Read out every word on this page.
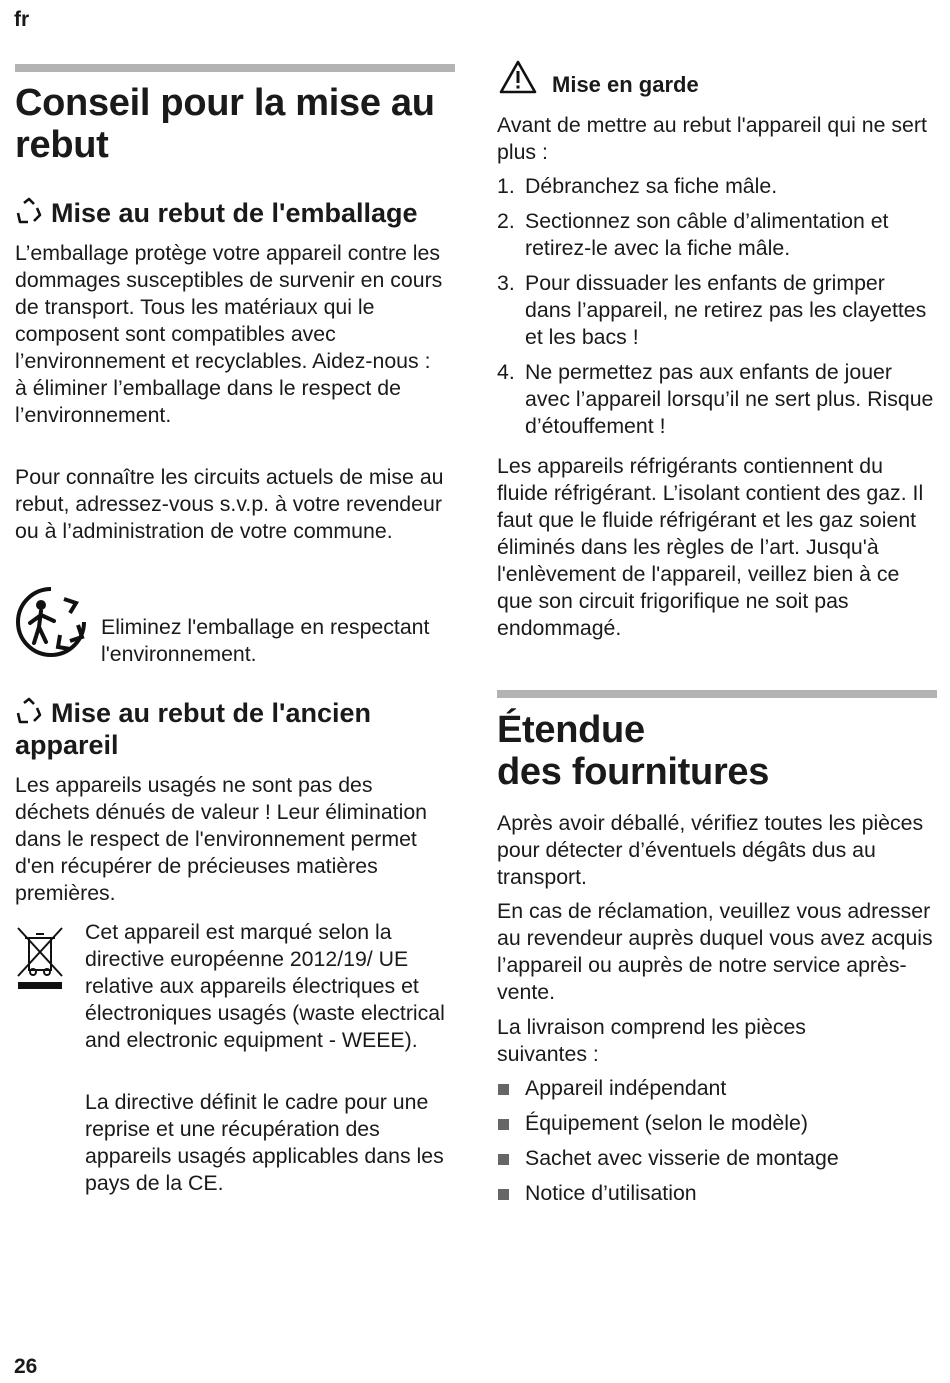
fr
Conseil pour la mise au rebut
Mise au rebut de l'emballage

L’emballage protège votre appareil contre les dommages susceptibles de survenir en cours de transport. Tous les matériaux qui le composent sont compatibles avec l’environnement et recyclables. Aidez-nous : à éliminer l’emballage dans le respect de l’environnement.

Pour connaître les circuits actuels de mise au rebut, adressez-vous s.v.p. à votre revendeur ou à l’administration de votre commune.

Eliminez l'emballage en respectant l'environnement.

Mise au rebut de l'ancien
appareil

Les appareils usagés ne sont pas des déchets dénués de valeur ! Leur élimination dans le respect de l'environnement permet d'en récupérer de précieuses matières premières.

Cet appareil est marqué selon la directive européenne 2012/19/ UE relative aux appareils électriques et électroniques usagés (waste electrical and electronic equipment - WEEE).

La directive définit le cadre pour une reprise et une récupération des appareils usagés applicables dans les pays de la CE.

Mise en garde

Avant de mettre au rebut l'appareil qui ne sert plus :

1. Débranchez sa fiche mâle.
2. Sectionnez son câble d’alimentation et retirez-le avec la fiche mâle.
3. Pour dissuader les enfants de grimper dans l’appareil, ne retirez pas les clayettes et les bacs !
4. Ne permettez pas aux enfants de jouer avec l’appareil lorsqu’il ne sert plus. Risque d’étouffement !

Les appareils réfrigérants contiennent du fluide réfrigérant. L’isolant contient des gaz. Il faut que le fluide réfrigérant et les gaz soient éliminés dans les règles de l’art. Jusqu'à l'enlèvement de l'appareil, veillez bien à ce que son circuit frigorifique ne soit pas endommagé.

Étendue
des fournitures

Après avoir déballé, vérifiez toutes les pièces pour détecter d’éventuels dégâts dus au transport.

En cas de réclamation, veuillez vous adresser au revendeur auprès duquel vous avez acquis l’appareil ou auprès de notre service après-vente.

La livraison comprend les pièces suivantes :

Appareil indépendant
Équipement (selon le modèle)
Sachet avec visserie de montage
Notice d’utilisation
26
